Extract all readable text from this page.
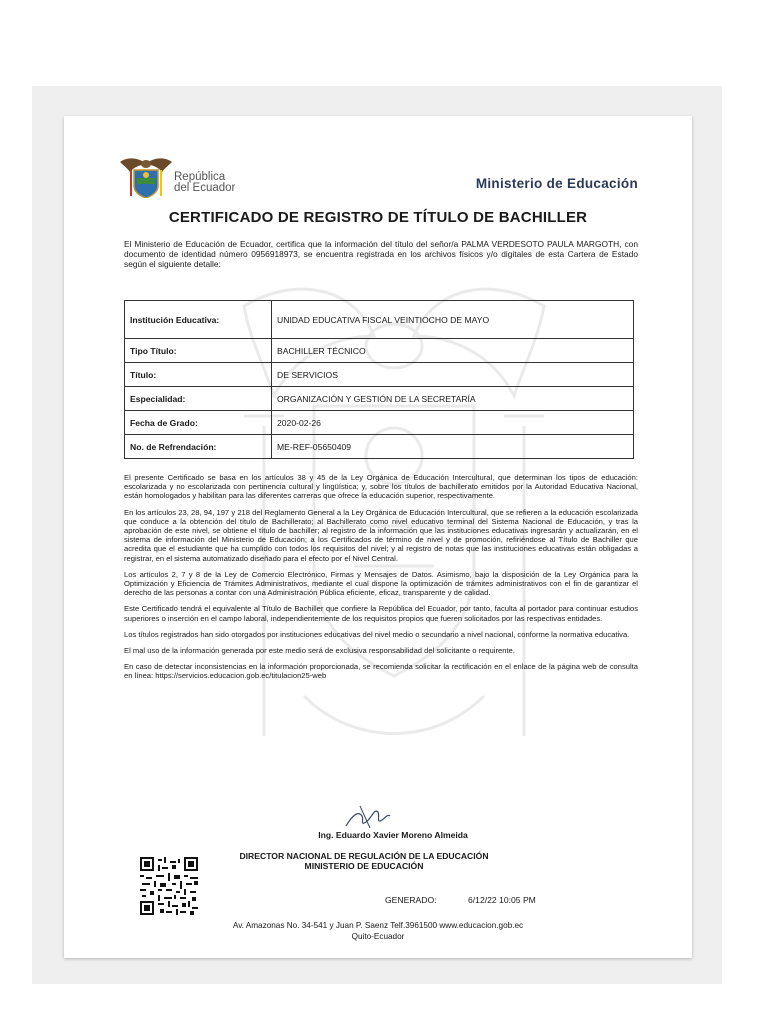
República
del Ecuador	Ministerio de Educación
CERTIFICADO DE REGISTRO DE TÍTULO DE BACHILLER
El Ministerio de Educación de Ecuador, certifica que la información del título del señor/a PALMA VERDESOTO PAULA MARGOTH, con documento de identidad número 0956918973, se encuentra registrada en los archivos físicos y/o digitales de esta Cartera de Estado según el siguiente detalle:
Institución Educativa:	UNIDAD EDUCATIVA FISCAL VEINTIOCHO DE MAYO
Tipo Título:	BACHILLER TÉCNICO
Título:	DE SERVICIOS
Especialidad:	ORGANIZACIÓN Y GESTIÓN DE LA SECRETARÍA
Fecha de Grado:	2020-02-26
No. de Refrendación:	ME-REF-05650409

El presente Certificado se basa en los artículos 38 y 45 de la Ley Orgánica de Educación Intercultural, que determinan los tipos de educación: escolarizada y no escolarizada con pertinencia cultural y lingüística; y, sobre los títulos de bachillerato emitidos por la Autoridad Educativa Nacional, están homologados y habilitan para las diferentes carreras que ofrece la educación superior, respectivamente.

En los artículos 23, 28, 94, 197 y 218 del Reglamento General a la Ley Orgánica de Educación Intercultural, que se refieren a la educación escolarizada que conduce a la obtención del título de Bachillerato; al Bachillerato como nivel educativo terminal del Sistema Nacional de Educación, y tras la aprobación de este nivel, se obtiene el título de bachiller; al registro de la información que las instituciones educativas ingresarán y actualizarán, en el sistema de información del Ministerio de Educación; a los Certificados de término de nivel y de promoción, refiriéndose al Título de Bachiller que acredita que el estudiante que ha cumplido con todos los requisitos del nivel; y al registro de notas que las instituciones educativas están obligadas a registrar, en el sistema automatizado diseñado para el efecto por el Nivel Central.

Los artículos 2, 7 y 8 de la Ley de Comercio Electrónico, Firmas y Mensajes de Datos. Asimismo, bajo la disposición de la Ley Orgánica para la Optimización y Eficiencia de Trámites Administrativos, mediante el cual dispone la optimización de trámites administrativos con el fin de garantizar el derecho de las personas a contar con una Administración Pública eficiente, eficaz, transparente y de calidad.

Este Certificado tendrá el equivalente al Título de Bachiller que confiere la República del Ecuador, por tanto, faculta al portador para continuar estudios superiores o inserción en el campo laboral, independientemente de los requisitos propios que fueren solicitados por las respectivas entidades.

Los títulos registrados han sido otorgados por instituciones educativas del nivel medio o secundario a nivel nacional, conforme la normativa educativa.

El mal uso de la información generada por este medio será de exclusiva responsabilidad del solicitante o requirente.

En caso de detectar inconsistencias en la información proporcionada, se recomienda solicitar la rectificación en el enlace de la página web de consulta en línea: https://servicios.educacion.gob.ec/titulacion25-web

Ing. Eduardo Xavier Moreno Almeida
DIRECTOR NACIONAL DE REGULACIÓN DE LA EDUCACIÓN
MINISTERIO DE EDUCACIÓN
GENERADO:	6/12/22 10:05 PM
Av. Amazonas No. 34-541 y Juan P. Saenz Telf.3961500 www.educacion.gob.ec
Quito-Ecuador
